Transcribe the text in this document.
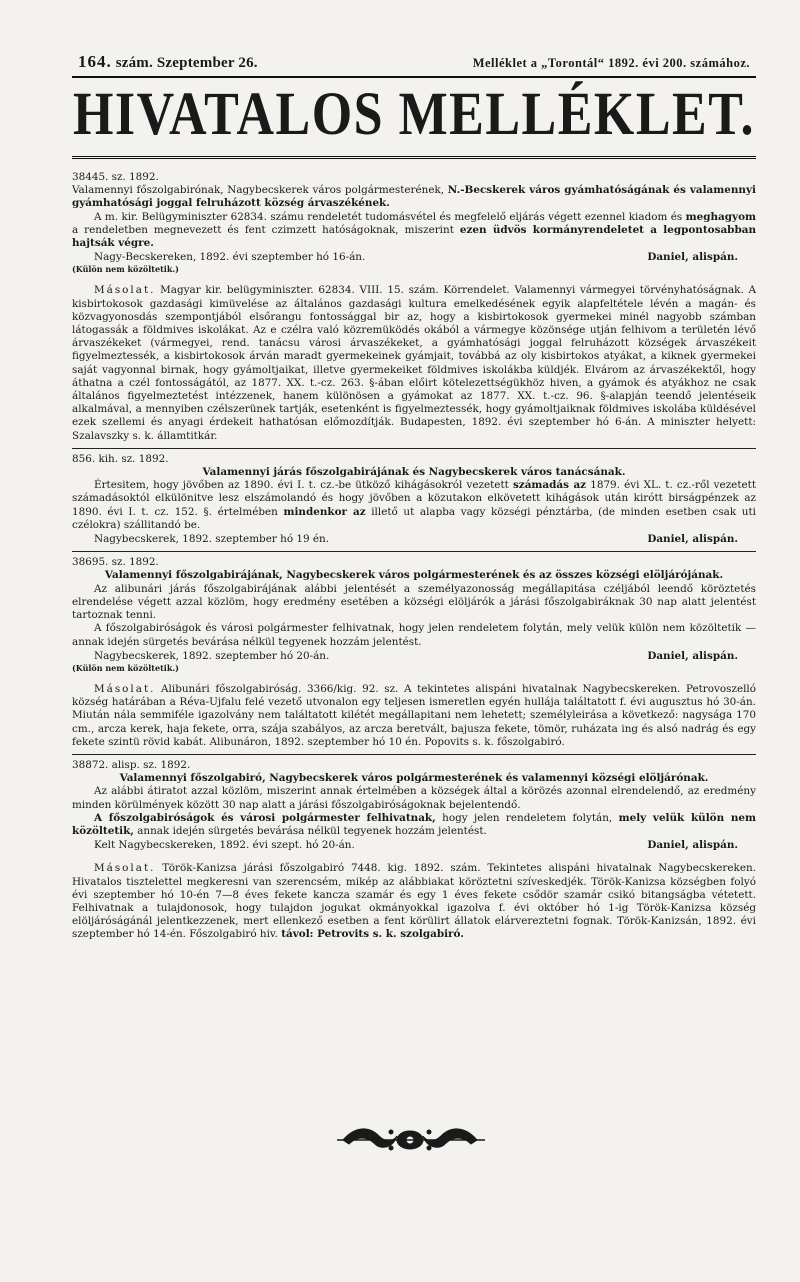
164. szám. Szeptember 26.	Melléklet a „Torontál“ 1892. évi 200. számához.
HIVATALOS MELLÉKLET.

38445. sz. 1892.

Valamennyi főszolgabirónak, Nagybecskerek város polgármesterének, N.-Becskerek város gyámhatóságának és valamennyi gyámhatósági joggal felruházott község árvaszékének.

A m. kir. Belügyminiszter 62834. számu rendeletét tudomásvétel és megfelelő eljárás végett ezennel kiadom és meghagyom a rendeletben megnevezett és fent czimzett hatóságoknak, miszerint ezen üdvös kormányrendeletet a legpontosabban hajtsák végre.

Nagy-Becskereken, 1892. évi szeptember hó 16-án.	Daniel, alispán.

(Külön nem közöltetik.)

Másolat. Magyar kir. belügyminiszter. 62834. VIII. 15. szám. Körrendelet. Valamennyi vármegyei törvényhatóságnak. A kisbirtokosok gazdasági kimüvelése az általános gazdasági kultura emelkedésének egyik alapfeltétele lévén a magán- és közvagyonosdás szempontjából elsőrangu fontossággal bir az, hogy a kisbirtokosok gyermekei minél nagyobb számban látogassák a földmives iskolákat. Az e czélra való közremüködés okából a vármegye közönsége utján felhivom a területén lévő árvaszékeket (vármegyei, rend. tanácsu városi árvaszékeket, a gyámhatósági joggal felruházott községek árvaszékeit figyelmeztessék, a kisbirtokosok árván maradt gyermekeinek gyámjait, továbbá az oly kisbirtokos atyákat, a kiknek gyermekei saját vagyonnal birnak, hogy gyámoltjaikat, illetve gyermekeiket földmives iskolákba küldjék. Elvárom az árvaszékektől, hogy áthatna a czél fontosságától, az 1877. XX. t.-cz. 263. §-ában előirt kötelezettségükhöz hiven, a gyámok és atyákhoz ne csak általános figyelmeztetést intézzenek, hanem különösen a gyámokat az 1877. XX. t.-cz. 96. §-alapján teendő jelentéseik alkalmával, a mennyiben czélszerünek tartják, esetenként is figyelmeztessék, hogy gyámoltjaiknak földmives iskolába küldésével ezek szellemi és anyagi érdekeit hathatósan előmozdítják. Budapesten, 1892. évi szeptember hó 6-án. A miniszter helyett: Szalavszky s. k. államtitkár.

856. kih. sz. 1892.

Valamennyi járás főszolgabirájának és Nagybecskerek város tanácsának.

Értesitem, hogy jövőben az 1890. évi I. t. cz.-be ütköző kihágásokról vezetett számadás az 1879. évi XL. t. cz.-ről vezetett számadásoktól elkülönitve lesz elszámolandó és hogy jövőben a közutakon elkövetett kihágások után kirótt birságpénzek az 1890. évi I. t. cz. 152. §. értelmében mindenkor az illető ut alapba vagy községi pénztárba, (de minden esetben csak uti czélokra) szállitandó be.

Nagybecskerek, 1892. szeptember hó 19 én.	Daniel, alispán.

38695. sz. 1892.

Valamennyi főszolgabirájának, Nagybecskerek város polgármesterének és az összes községi elöljárójának.

Az alibunári járás főszolgabirájának alábbi jelentését a személyazonosság megállapitása czéljából leendő köröztetés elrendelése végett azzal közlöm, hogy eredmény esetében a községi elöljárók a járási főszolgabiráknak 30 nap alatt jelentést tartoznak tenni.

A főszolgabiróságok és városi polgármester felhivatnak, hogy jelen rendeletem folytán, mely velük külön nem közöltetik — annak idején sürgetés bevárása nélkül tegyenek hozzám jelentést.

Nagybecskerek, 1892. szeptember hó 20-án.	Daniel, alispán.

(Külön nem közöltetik.)

Másolat. Alibunári főszolgabiróság. 3366/kig. 92. sz. A tekintetes alispáni hivatalnak Nagybecskereken. Petrovoszelló község határában a Réva-Ujfalu felé vezető utvonalon egy teljesen ismeretlen egyén hullája találtatott f. évi augusztus hó 30-án. Miután nála semmiféle igazolvány nem találtatott kilétét megállapitani nem lehetett; személyleirása a következő: nagysága 170 cm., arcza kerek, haja fekete, orra, szája szabályos, az arcza beretvált, bajusza fekete, tömör, ruházata ing és alsó nadrág és egy fekete szintü rövid kabát. Alibunáron, 1892. szeptember hó 10 én. Popovits s. k. főszolgabiró.

38872. alisp. sz. 1892.

Valamennyi főszolgabiró, Nagybecskerek város polgármesterének és valamennyi községi elöljárónak.

Az alábbi átiratot azzal közlöm, miszerint annak értelmében a községek által a körözés azonnal elrendelendő, az eredmény minden körülmények között 30 nap alatt a járási főszolgabiróságoknak bejelentendő.

A főszolgabiróságok és városi polgármester felhivatnak, hogy jelen rendeletem folytán, mely velük külön nem közöltetik, annak idején sürgetés bevárása nélkül tegyenek hozzám jelentést.

Kelt Nagybecskereken, 1892. évi szept. hó 20-án.	Daniel, alispán.

Másolat. Török-Kanizsa járási főszolgabiró 7448. kig. 1892. szám. Tekintetes alispáni hivatalnak Nagybecskereken. Hivatalos tisztelettel megkeresni van szerencsém, mikép az alábbiakat köröztetni szíveskedjék. Török-Kanizsa községben folyó évi szeptember hó 10-én 7—8 éves fekete kancza szamár és egy 1 éves fekete csődör szamár csikó bitangságba vétetett. Felhivatnak a tulajdonosok, hogy tulajdon jogukat okmányokkal igazolva f. évi október hó 1-ig Török-Kanizsa község elöljáróságánál jelentkezzenek, mert ellenkező esetben a fent körülirt állatok elárvereztetni fognak. Török-Kanizsán, 1892. évi szeptember hó 14-én. Főszolgabiró hiv. távol: Petrovits s. k. szolgabiró.
